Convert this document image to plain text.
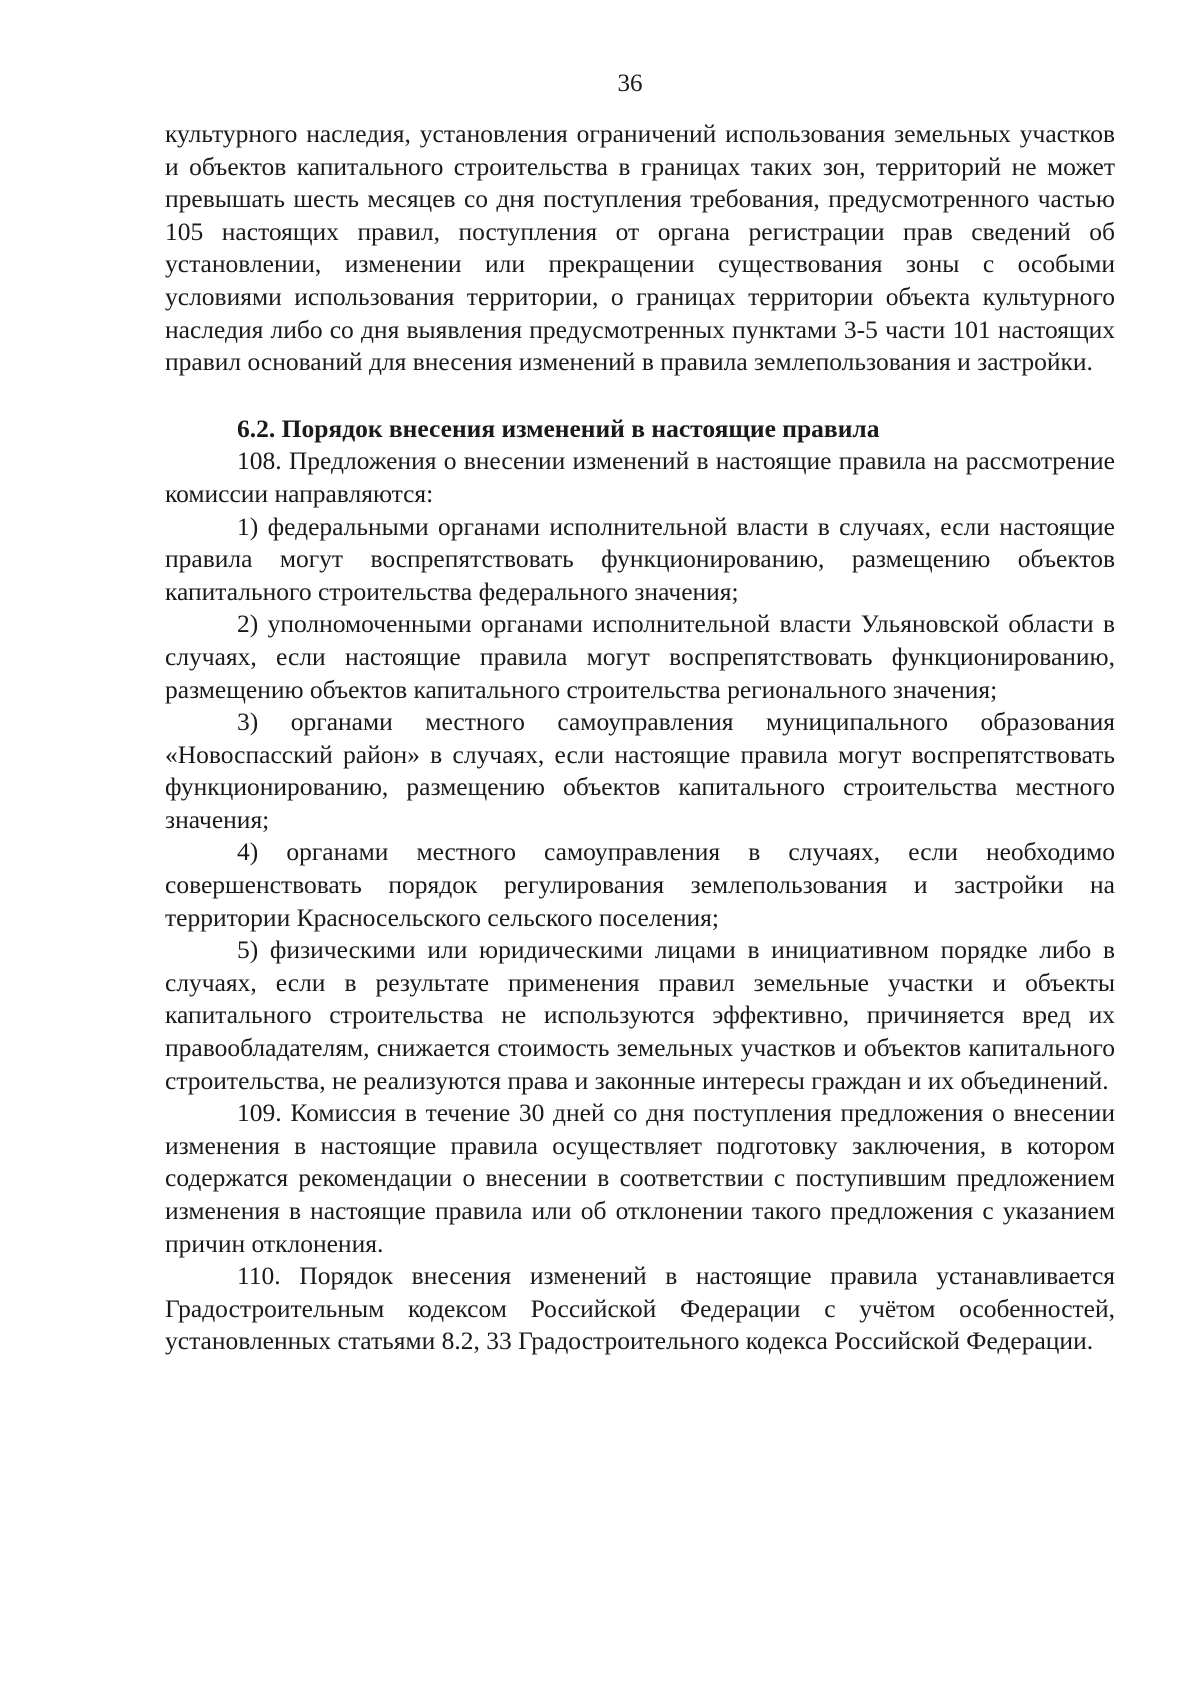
36

культурного наследия, установления ограничений использования земельных участков и объектов капитального строительства в границах таких зон, территорий не может превышать шесть месяцев со дня поступления требования, предусмотренного частью 105 настоящих правил, поступления от органа регистрации прав сведений об установлении, изменении или прекращении существования зоны с особыми условиями использования территории, о границах территории объекта культурного наследия либо со дня выявления предусмотренных пунктами 3-5 части 101 настоящих правил оснований для внесения изменений в правила землепользования и застройки.

6.2. Порядок внесения изменений в настоящие правила

108. Предложения о внесении изменений в настоящие правила на рассмотрение комиссии направляются:

1) федеральными органами исполнительной власти в случаях, если настоящие правила могут воспрепятствовать функционированию, размещению объектов капитального строительства федерального значения;

2) уполномоченными органами исполнительной власти Ульяновской области в случаях, если настоящие правила могут воспрепятствовать функционированию, размещению объектов капитального строительства регионального значения;

3) органами местного самоуправления муниципального образования «Новоспасский район» в случаях, если настоящие правила могут воспрепятствовать функционированию, размещению объектов капитального строительства местного значения;

4) органами местного самоуправления в случаях, если необходимо совершенствовать порядок регулирования землепользования и застройки на территории Красносельского сельского поселения;

5) физическими или юридическими лицами в инициативном порядке либо в случаях, если в результате применения правил земельные участки и объекты капитального строительства не используются эффективно, причиняется вред их правообладателям, снижается стоимость земельных участков и объектов капитального строительства, не реализуются права и законные интересы граждан и их объединений.

109. Комиссия в течение 30 дней со дня поступления предложения о внесении изменения в настоящие правила осуществляет подготовку заключения, в котором содержатся рекомендации о внесении в соответствии с поступившим предложением изменения в настоящие правила или об отклонении такого предложения с указанием причин отклонения.

110. Порядок внесения изменений в настоящие правила устанавливается Градостроительным кодексом Российской Федерации с учётом особенностей, установленных статьями 8.2, 33 Градостроительного кодекса Российской Федерации.
